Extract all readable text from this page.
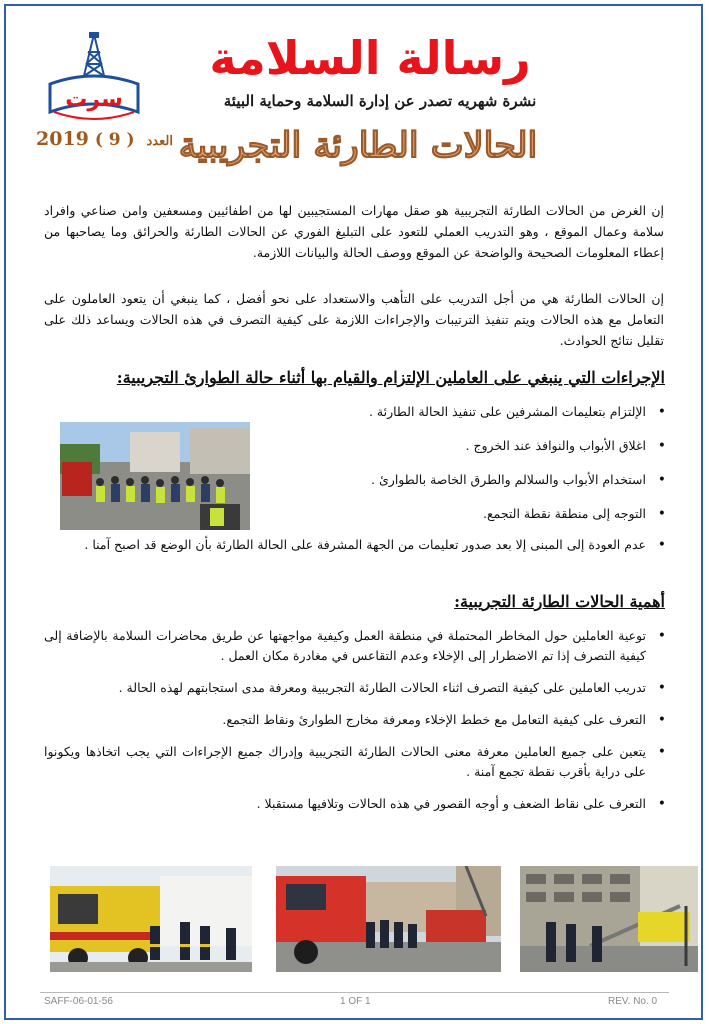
سرت
رسالة السلامة
نشرة شهريه تصدر عن إدارة السلامة وحماية البيئة
2019 ( 9 ) العدد الحالات الطارئة التجريبية
إن الغرض من الحالات الطارئة التجريبية هو صقل مهارات المستجيبين لها من اطفائيين ومسعفين وامن صناعي وافراد سلامة وعمال الموقع ، وهو التدريب العملي للتعود على التبليغ الفوري عن الحالات الطارئة والحرائق وما يصاحبها من إعطاء المعلومات الصحيحة والواضحة عن الموقع ووصف الحالة والبيانات اللازمة.
إن الحالات الطارئة هي من أجل التدريب على التأهب والاستعداد على نحو أفضل ، كما ينبغي أن يتعود العاملون على التعامل مع هذه الحالات ويتم تنفيذ الترتيبات والإجراءات اللازمة على كيفية التصرف في هذه الحالات ويساعد ذلك على تقليل نتائج الحوادث.
الإجراءات التي ينبغي على العاملين الإلتزام والقيام بها أثناء حالة الطوارئ التجريبية:
• الإلتزام بتعليمات المشرفين على تنفيذ الحالة الطارئة .
• اغلاق الأبواب والنوافذ عند الخروج .
• استخدام الأبواب والسلالم والطرق الخاصة بالطوارئ .
• التوجه إلى منطقة نقطة التجمع.
• عدم العودة إلى المبنى إلا بعد صدور تعليمات من الجهة المشرفة على الحالة الطارئة بأن الوضع قد اصبح آمنا .
أهمية الحالات الطارئة التجريبية:
• توعية العاملين حول المخاطر المحتملة في منطقة العمل وكيفية مواجهتها عن طريق محاضرات السلامة بالإضافة إلى كيفية التصرف إذا تم الاضطرار إلى الإخلاء وعدم التقاعس في مغادرة مكان العمل .
• تدريب العاملين على كيفية التصرف اثناء الحالات الطارئة التجريبية ومعرفة مدى استجابتهم لهذه الحالة .
• التعرف على كيفية التعامل مع خطط الإخلاء ومعرفة مخارج الطوارئ ونقاط التجمع.
• يتعين على جميع العاملين معرفة معنى الحالات الطارئة التجريبية وإدراك جميع الإجراءات التي يجب اتخاذها ويكونوا على دراية بأقرب نقطة تجمع آمنة .
• التعرف على نقاط الضعف و أوجه القصور في هذه الحالات وتلافيها مستقبلا .
SAFF-06-01-56	1 OF 1	REV. No. 0
